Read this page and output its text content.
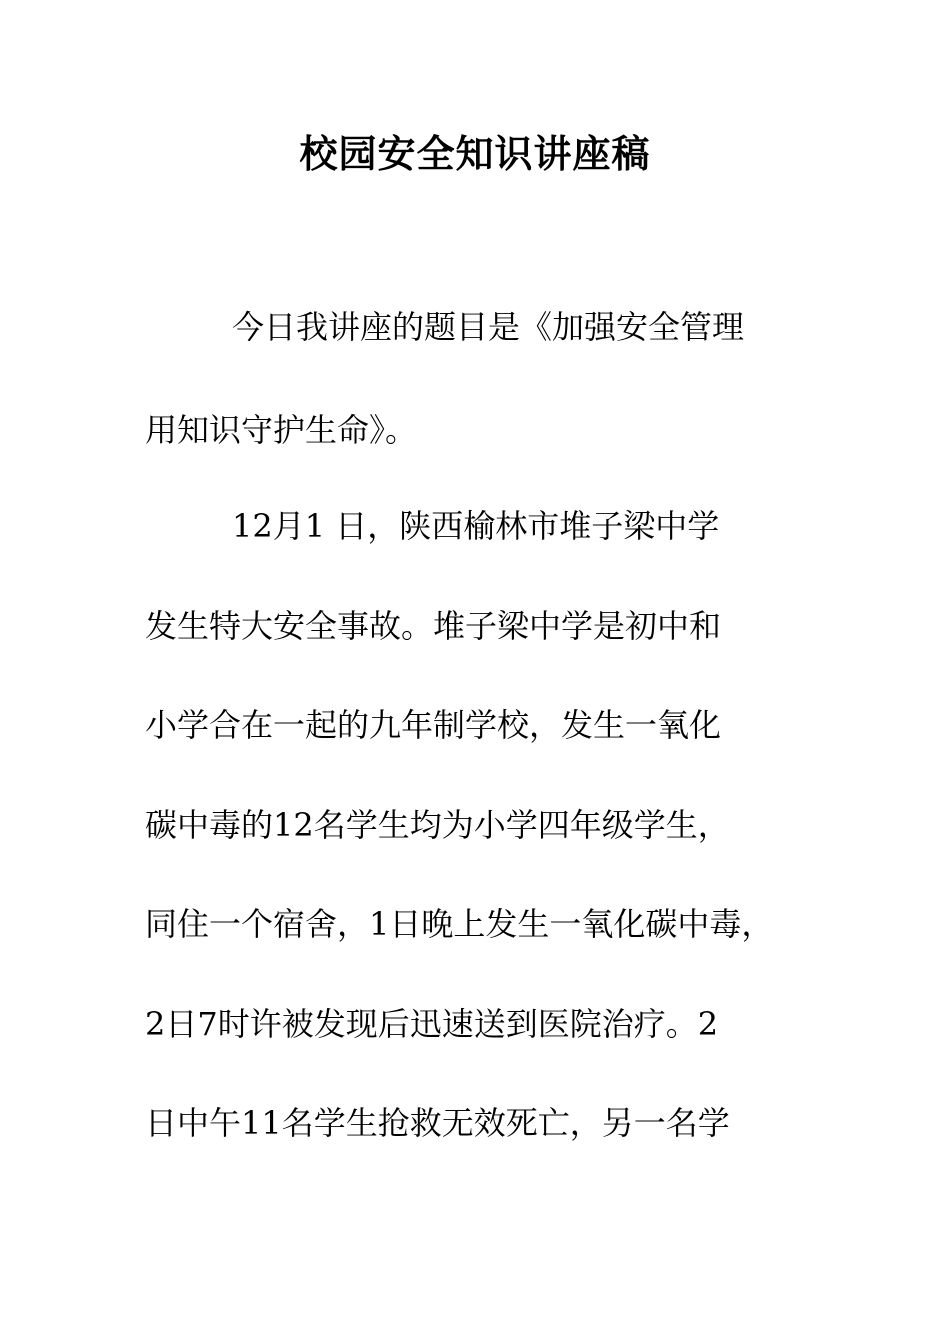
校园安全知识讲座稿
今日我讲座的题目是《加强安全管理
用知识守护生命》。
12月1 日，陕西榆林市堆子梁中学
发生特大安全事故。堆子梁中学是初中和
小学合在一起的九年制学校，发生一氧化
碳中毒的12名学生均为小学四年级学生，
同住一个宿舍，1日晚上发生一氧化碳中毒，
2日7时许被发现后迅速送到医院治疗。2
日中午11名学生抢救无效死亡，另一名学
